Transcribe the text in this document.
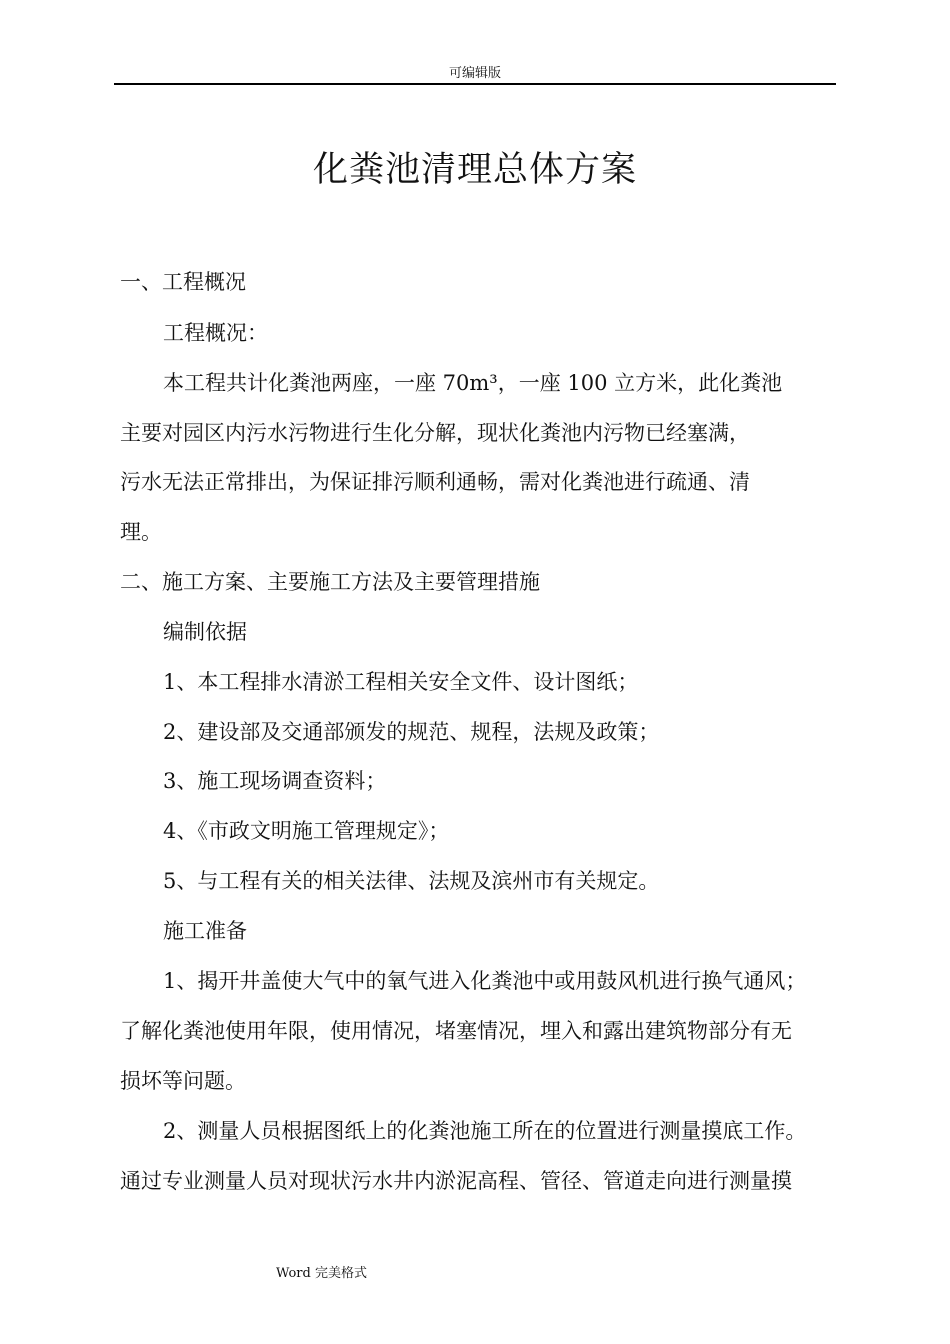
可编辑版
化粪池清理总体方案
一、工程概况
工程概况：
本工程共计化粪池两座，一座 70m³，一座 100 立方米，此化粪池
主要对园区内污水污物进行生化分解，现状化粪池内污物已经塞满，
污水无法正常排出，为保证排污顺利通畅，需对化粪池进行疏通、清
理。
二、施工方案、主要施工方法及主要管理措施
编制依据
1、本工程排水清淤工程相关安全文件、设计图纸；
2、建设部及交通部颁发的规范、规程，法规及政策；
3、施工现场调查资料；
4、《市政文明施工管理规定》；
5、与工程有关的相关法律、法规及滨州市有关规定。
施工准备
1、揭开井盖使大气中的氧气进入化粪池中或用鼓风机进行换气通风；
了解化粪池使用年限，使用情况，堵塞情况，埋入和露出建筑物部分有无
损坏等问题。
2、测量人员根据图纸上的化粪池施工所在的位置进行测量摸底工作。
通过专业测量人员对现状污水井内淤泥高程、管径、管道走向进行测量摸
Word 完美格式
